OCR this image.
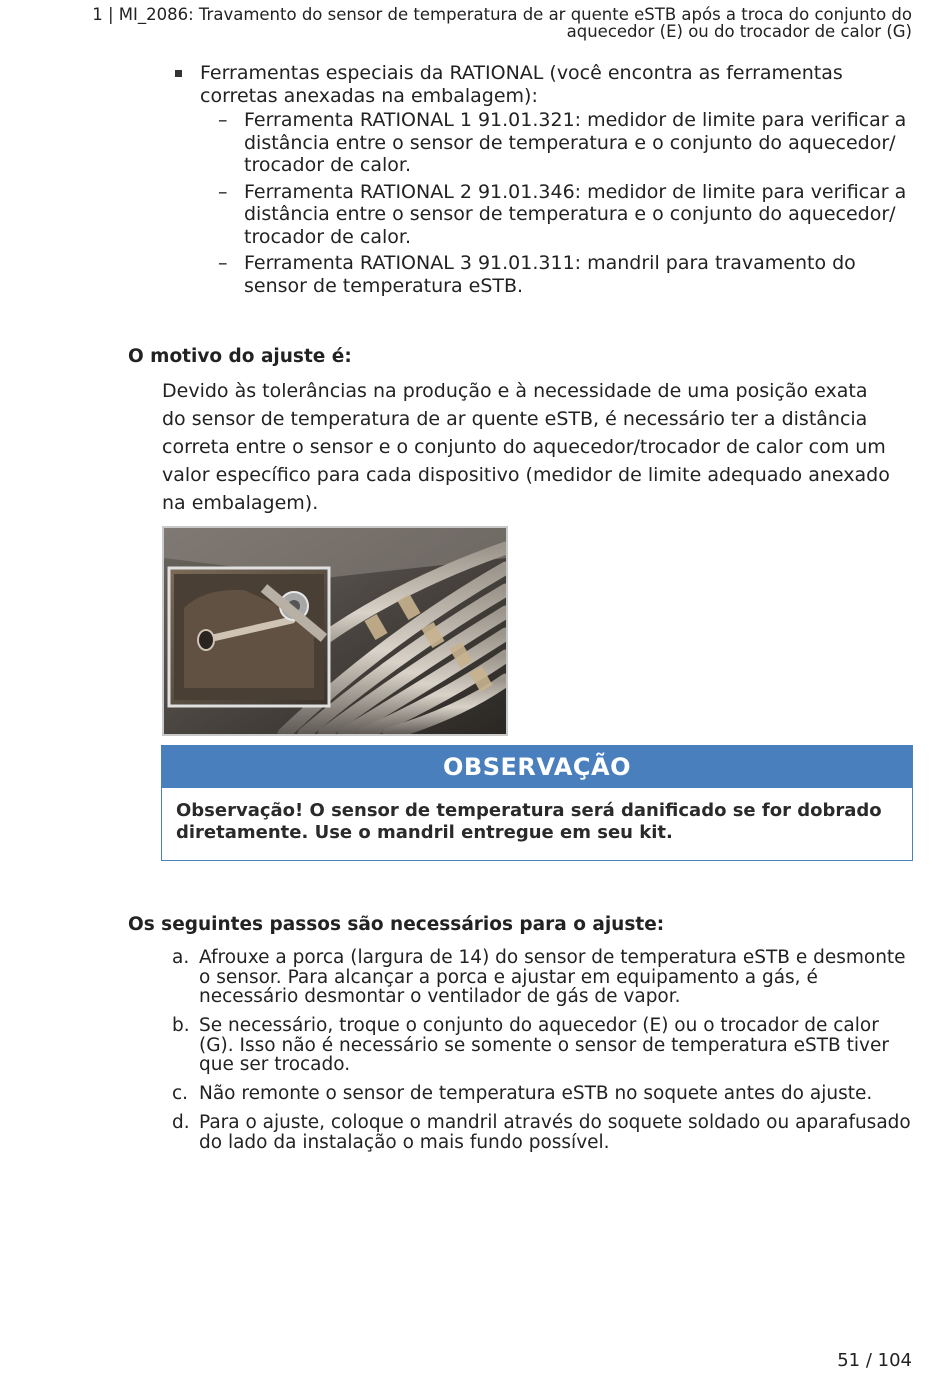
1 | MI_2086: Travamento do sensor de temperatura de ar quente eSTB após a troca do conjunto do aquecedor (E) ou do trocador de calor (G)
Ferramentas especiais da RATIONAL (você encontra as ferramentas corretas anexadas na embalagem):
– Ferramenta RATIONAL 1 91.01.321: medidor de limite para verificar a distância entre o sensor de temperatura e o conjunto do aquecedor/ trocador de calor.
– Ferramenta RATIONAL 2 91.01.346: medidor de limite para verificar a distância entre o sensor de temperatura e o conjunto do aquecedor/ trocador de calor.
– Ferramenta RATIONAL 3 91.01.311: mandril para travamento do sensor de temperatura eSTB.
O motivo do ajuste é:

Devido às tolerâncias na produção e à necessidade de uma posição exata do sensor de temperatura de ar quente eSTB, é necessário ter a distância correta entre o sensor e o conjunto do aquecedor/trocador de calor com um valor específico para cada dispositivo (medidor de limite adequado anexado na embalagem).

OBSERVAÇÃO
Observação! O sensor de temperatura será danificado se for dobrado diretamente. Use o mandril entregue em seu kit.
Os seguintes passos são necessários para o ajuste:
a. Afrouxe a porca (largura de 14) do sensor de temperatura eSTB e desmonte o sensor. Para alcançar a porca e ajustar em equipamento a gás, é necessário desmontar o ventilador de gás de vapor.
b. Se necessário, troque o conjunto do aquecedor (E) ou o trocador de calor (G). Isso não é necessário se somente o sensor de temperatura eSTB tiver que ser trocado.
c. Não remonte o sensor de temperatura eSTB no soquete antes do ajuste.
d. Para o ajuste, coloque o mandril através do soquete soldado ou aparafusado do lado da instalação o mais fundo possível.
51 / 104
